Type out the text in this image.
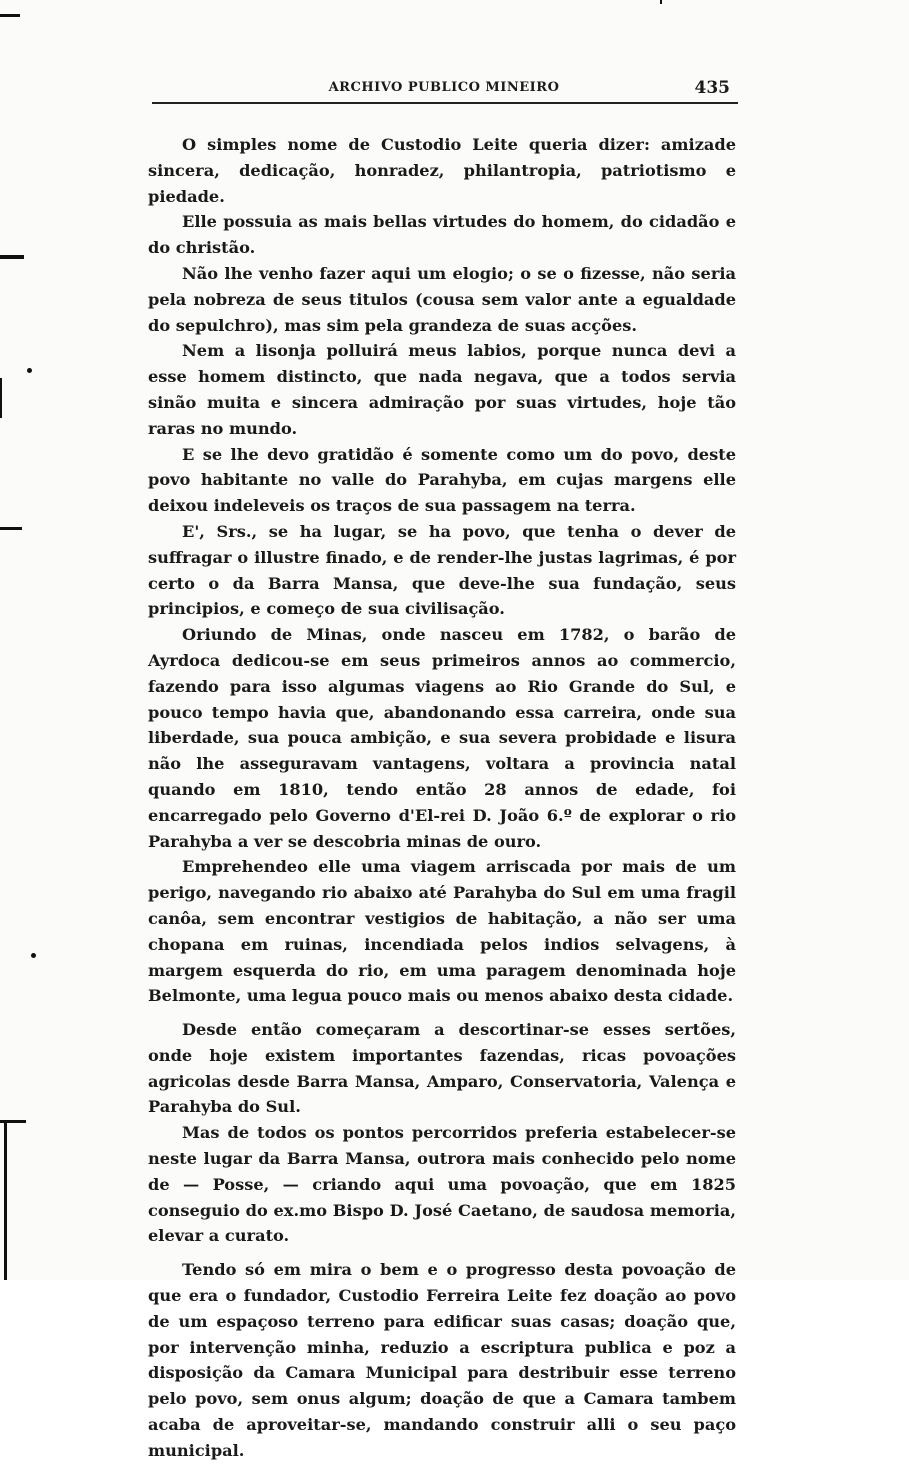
ARCHIVO PUBLICO MINEIRO	435

O simples nome de Custodio Leite queria dizer: amizade sincera, dedicação, honradez, philantropia, patriotismo e piedade.

Elle possuia as mais bellas virtudes do homem, do cidadão e do christão.

Não lhe venho fazer aqui um elogio; o se o fizesse, não seria pela nobreza de seus titulos (cousa sem valor ante a egualdade do sepulchro), mas sim pela grandeza de suas acções.

Nem a lisonja polluirá meus labios, porque nunca devi a esse homem distincto, que nada negava, que a todos servia sinão muita e sincera admiração por suas virtudes, hoje tão raras no mundo.

E se lhe devo gratidão é somente como um do povo, deste povo habitante no valle do Parahyba, em cujas margens elle deixou indeleveis os traços de sua passagem na terra.

E', Srs., se ha lugar, se ha povo, que tenha o dever de suffragar o illustre finado, e de render-lhe justas lagrimas, é por certo o da Barra Mansa, que deve-lhe sua fundação, seus principios, e começo de sua civilisação.

Oriundo de Minas, onde nasceu em 1782, o barão de Ayrdoca dedicou-se em seus primeiros annos ao commercio, fazendo para isso algumas viagens ao Rio Grande do Sul, e pouco tempo havia que, abandonando essa carreira, onde sua liberdade, sua pouca ambição, e sua severa probidade e lisura não lhe asseguravam vantagens, voltara a provincia natal quando em 1810, tendo então 28 annos de edade, foi encarregado pelo Governo d'El-rei D. João 6.º de explorar o rio Parahyba a ver se descobria minas de ouro.

Emprehendeo elle uma viagem arriscada por mais de um perigo, navegando rio abaixo até Parahyba do Sul em uma fragil canôa, sem encontrar vestigios de habitação, a não ser uma chopana em ruinas, incendiada pelos indios selvagens, à margem esquerda do rio, em uma paragem denominada hoje Belmonte, uma legua pouco mais ou menos abaixo desta cidade.

Desde então começaram a descortinar-se esses sertões, onde hoje existem importantes fazendas, ricas povoações agricolas desde Barra Mansa, Amparo, Conservatoria, Valença e Parahyba do Sul.

Mas de todos os pontos percorridos preferia estabelecer-se neste lugar da Barra Mansa, outrora mais conhecido pelo nome de — Posse, — criando aqui uma povoação, que em 1825 conseguio do ex.mo Bispo D. José Caetano, de saudosa memoria, elevar a curato.

Tendo só em mira o bem e o progresso desta povoação de que era o fundador, Custodio Ferreira Leite fez doação ao povo de um espaçoso terreno para edificar suas casas; doação que, por intervenção minha, reduzio a escriptura publica e poz a disposição da Camara Municipal para destribuir esse terreno pelo povo, sem onus algum; doação de que a Camara tambem acaba de aproveitar-se, mandando construir alli o seu paço municipal.
